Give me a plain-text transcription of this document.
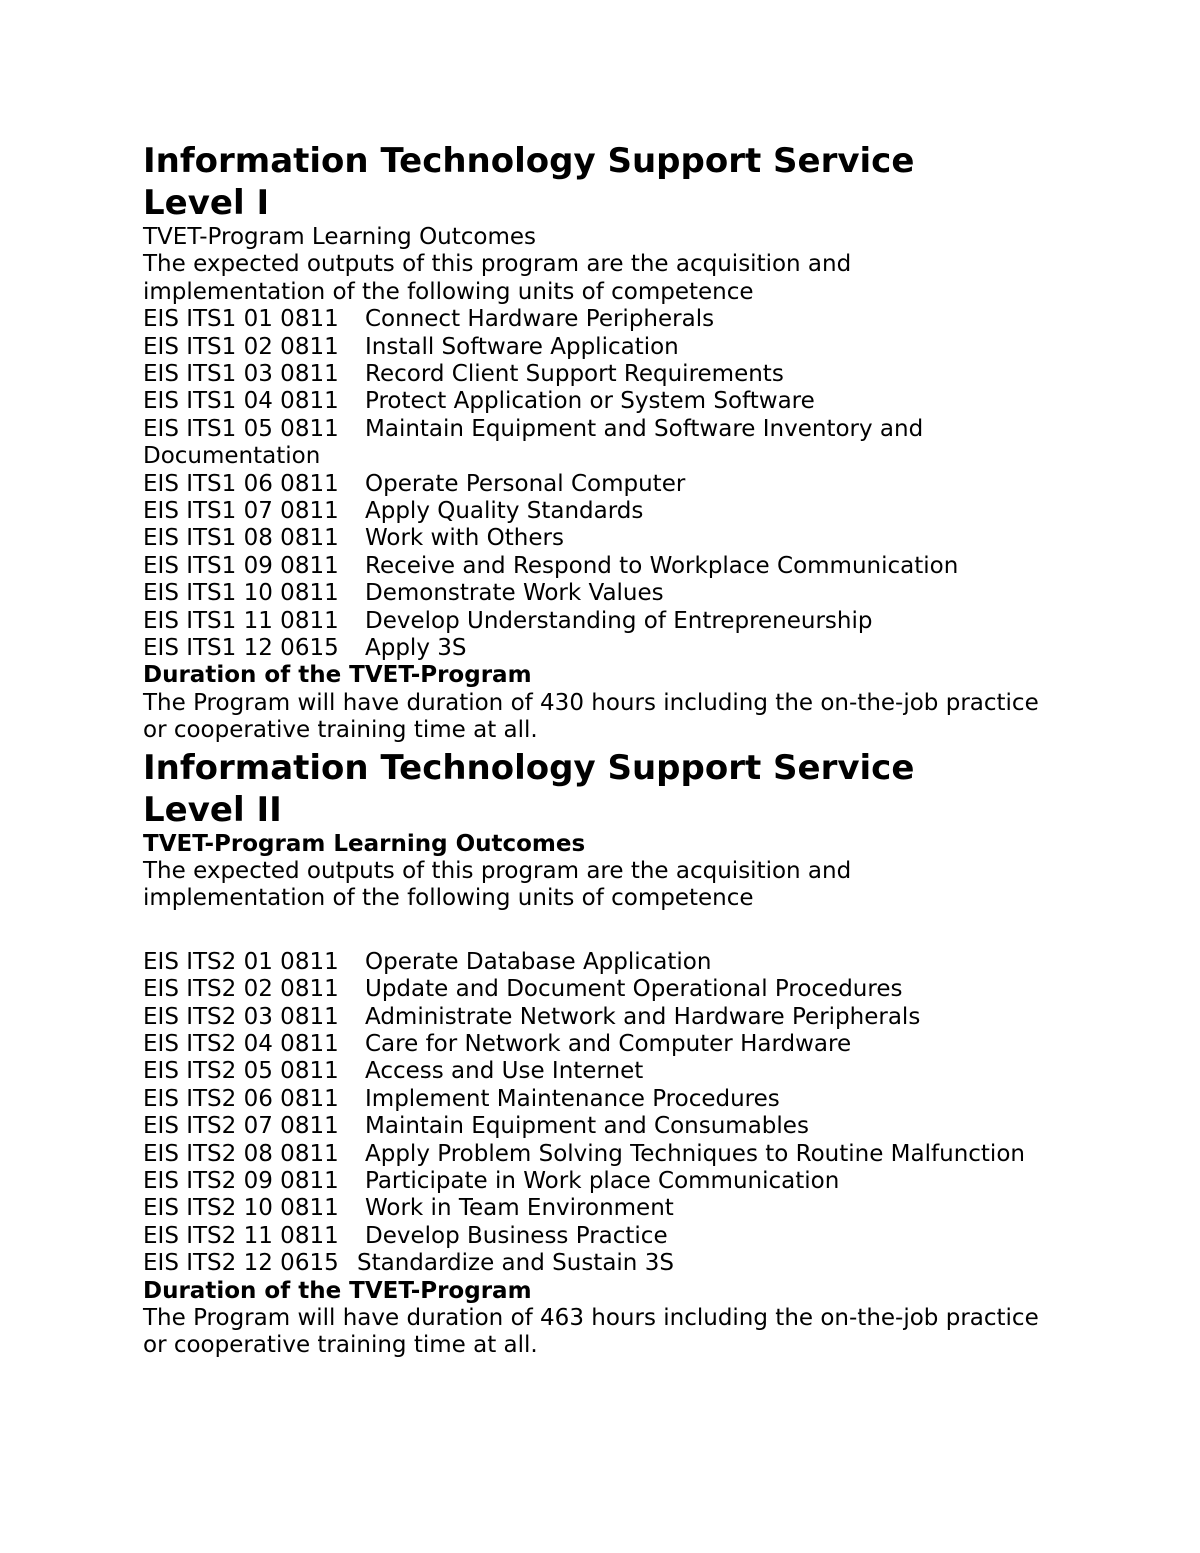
Information Technology Support Service
Level I
TVET-Program Learning Outcomes
The expected outputs of this program are the acquisition and
implementation of the following units of competence
EIS ITS1 01 0811	Connect Hardware Peripherals
EIS ITS1 02 0811	Install Software Application
EIS ITS1 03 0811	Record Client Support Requirements
EIS ITS1 04 0811	Protect Application or System Software
EIS ITS1 05 0811	Maintain Equipment and Software Inventory and
Documentation
EIS ITS1 06 0811	Operate Personal Computer
EIS ITS1 07 0811	Apply Quality Standards
EIS ITS1 08 0811	Work with Others
EIS ITS1 09 0811	Receive and Respond to Workplace Communication
EIS ITS1 10 0811	Demonstrate Work Values
EIS ITS1 11 0811	Develop Understanding of Entrepreneurship
EIS ITS1 12 0615	Apply 3S
Duration of the TVET-Program
The Program will have duration of 430 hours including the on-the-job practice
or cooperative training time at all.
Information Technology Support Service
Level II
TVET-Program Learning Outcomes
The expected outputs of this program are the acquisition and
implementation of the following units of competence
EIS ITS2 01 0811	Operate Database Application
EIS ITS2 02 0811	Update and Document Operational Procedures
EIS ITS2 03 0811	Administrate Network and Hardware Peripherals
EIS ITS2 04 0811	Care for Network and Computer Hardware
EIS ITS2 05 0811	Access and Use Internet
EIS ITS2 06 0811	Implement Maintenance Procedures
EIS ITS2 07 0811	Maintain Equipment and Consumables
EIS ITS2 08 0811	Apply Problem Solving Techniques to Routine Malfunction
EIS ITS2 09 0811	Participate in Work place Communication
EIS ITS2 10 0811	Work in Team Environment
EIS ITS2 11 0811	Develop Business Practice
EIS ITS2 12 0615 Standardize and Sustain 3S
Duration of the TVET-Program
The Program will have duration of 463 hours including the on-the-job practice
or cooperative training time at all.
